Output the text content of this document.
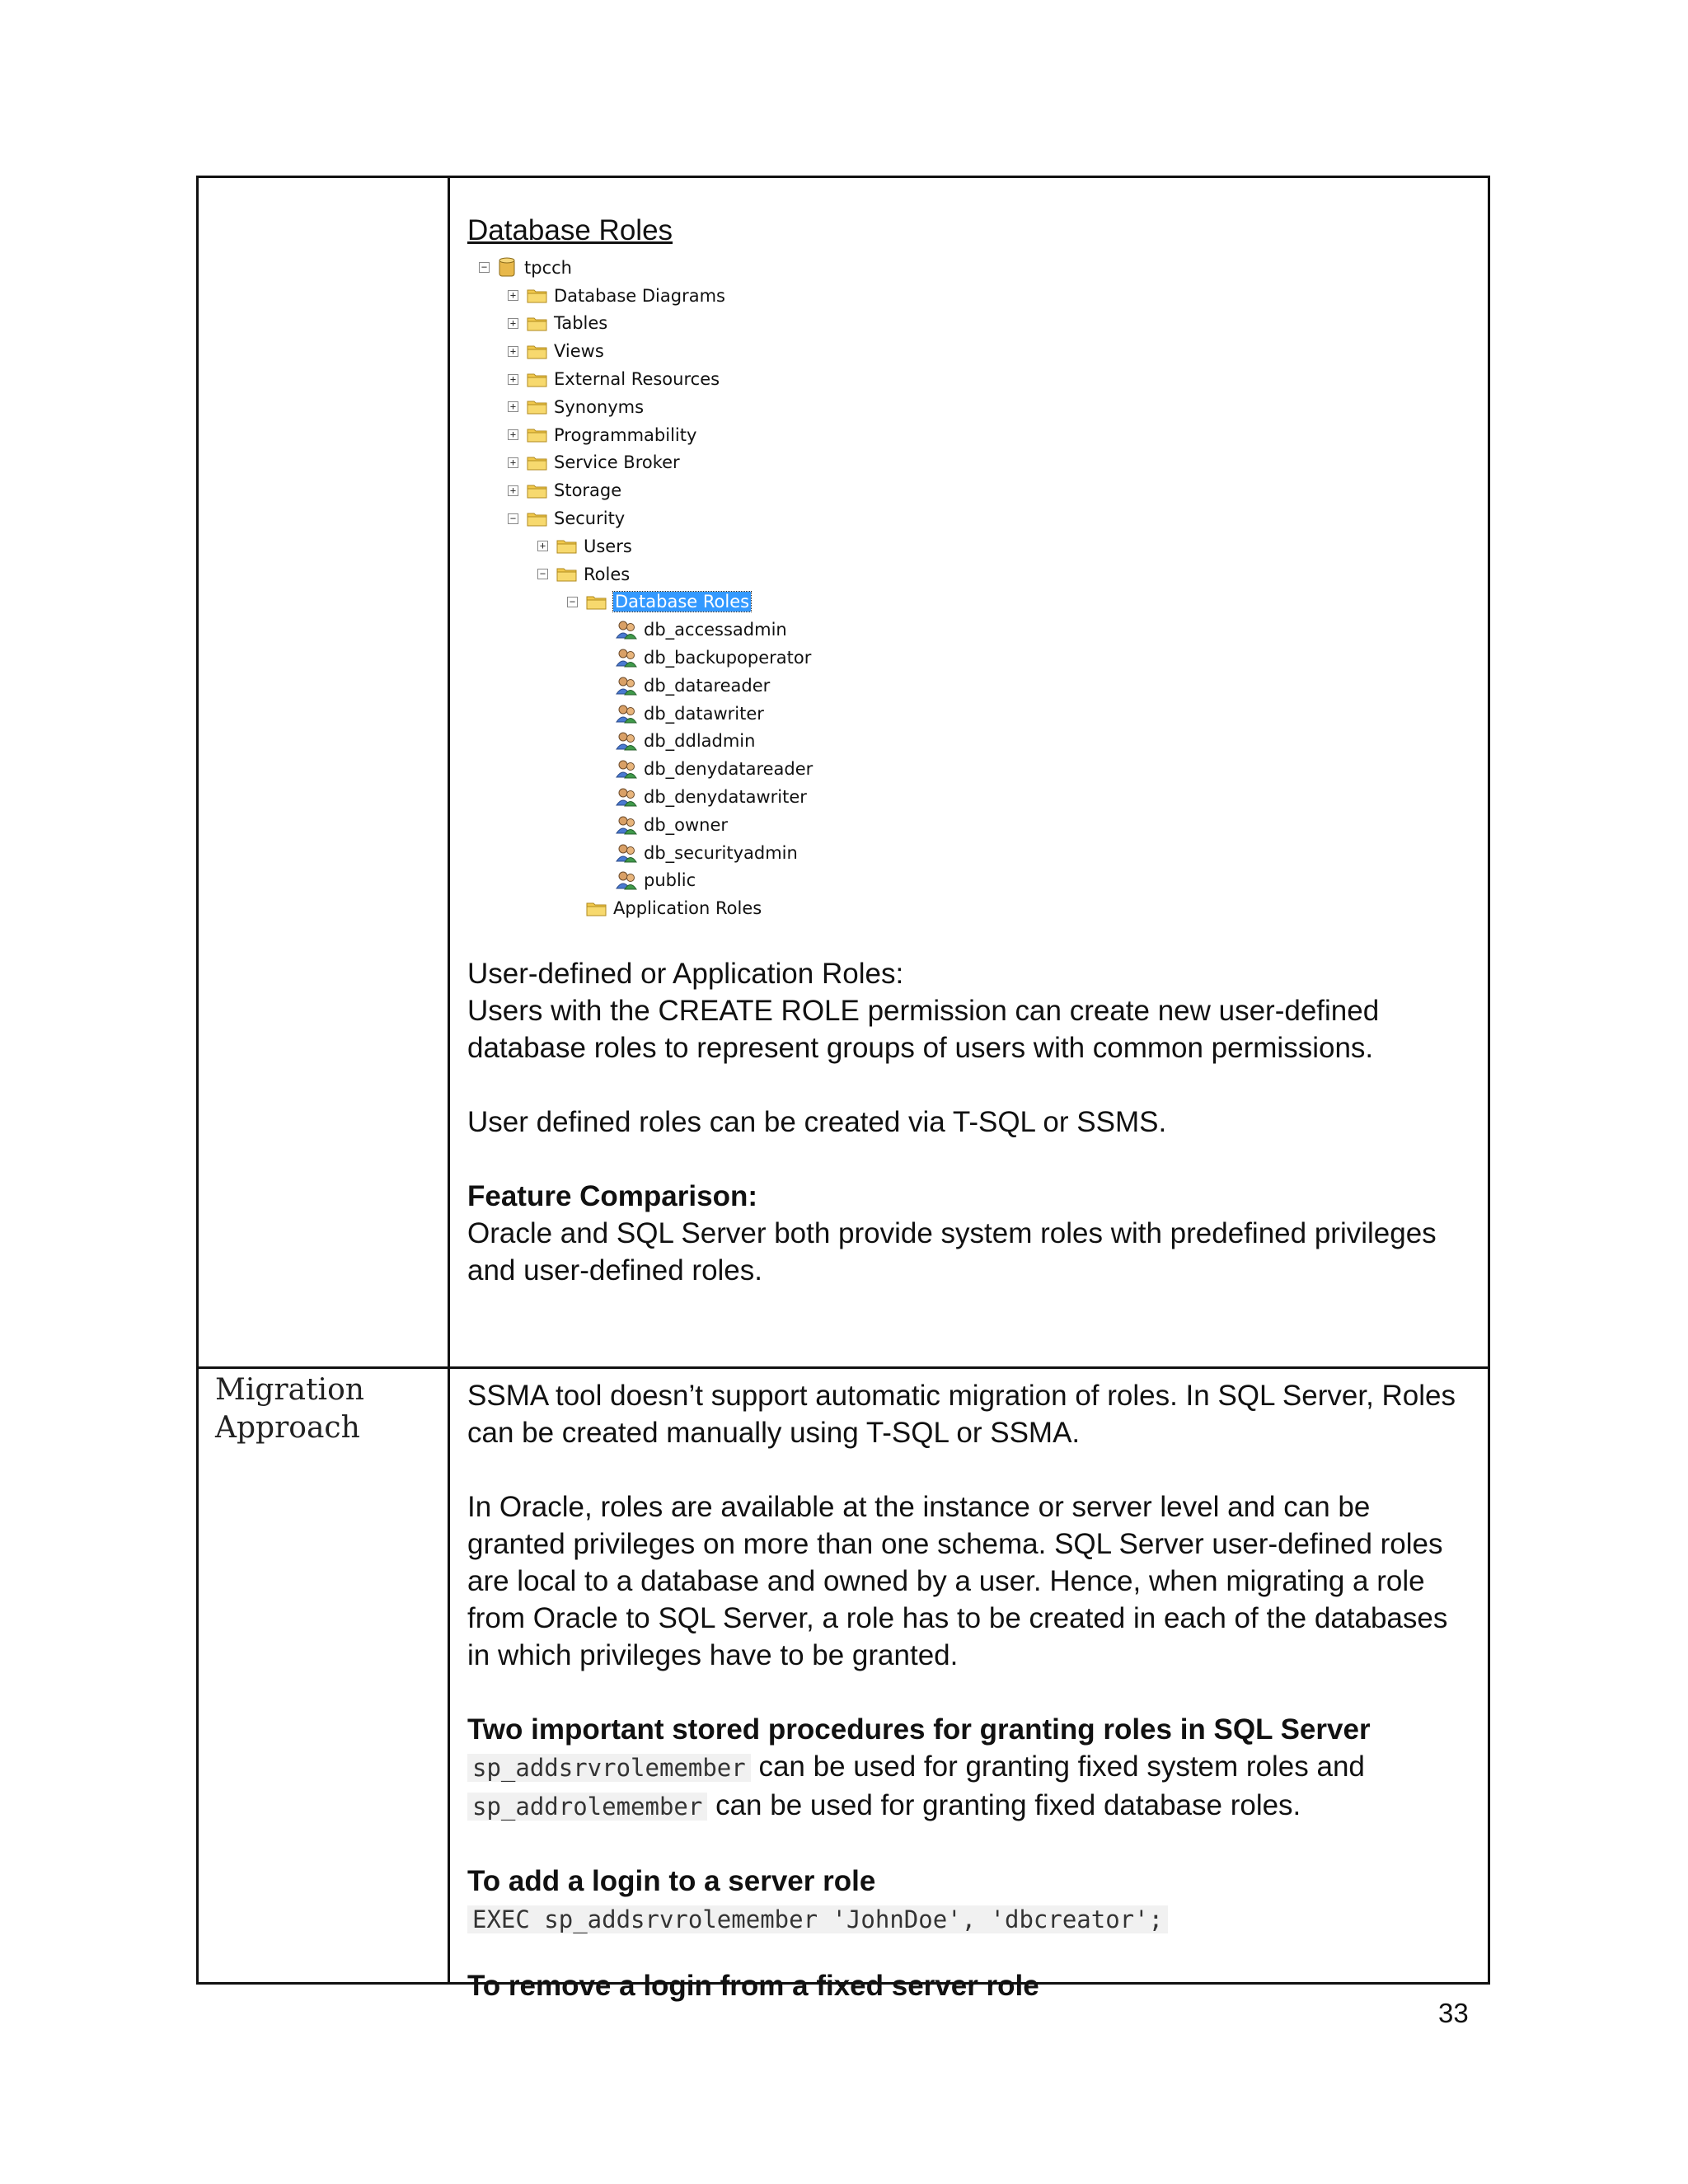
Database Roles

− tpcch
+ Database Diagrams
+ Tables
+ Views
+ External Resources
+ Synonyms
+ Programmability
+ Service Broker
+ Storage
− Security
+ Users
− Roles
− Database Roles
db_accessadmin
db_backupoperator
db_datareader
db_datawriter
db_ddladmin
db_denydatareader
db_denydatawriter
db_owner
db_securityadmin
public
Application Roles

User-defined or Application Roles:

Users with the CREATE ROLE permission can create new user-defined database roles to represent groups of users with common permissions.

User defined roles can be created via T-SQL or SSMS.

Feature Comparison:

Oracle and SQL Server both provide system roles with predefined privileges and user-defined roles.

Migration Approach

SSMA tool doesn’t support automatic migration of roles. In SQL Server, Roles can be created manually using T-SQL or SSMA.

In Oracle, roles are available at the instance or server level and can be granted privileges on more than one schema. SQL Server user-defined roles are local to a database and owned by a user. Hence, when migrating a role from Oracle to SQL Server, a role has to be created in each of the databases in which privileges have to be granted.

Two important stored procedures for granting roles in SQL Server

sp_addsrvrolemember can be used for granting fixed system roles and

sp_addrolemember can be used for granting fixed database roles.

To add a login to a server role

EXEC sp_addsrvrolemember 'JohnDoe', 'dbcreator';

To remove a login from a fixed server role

33
